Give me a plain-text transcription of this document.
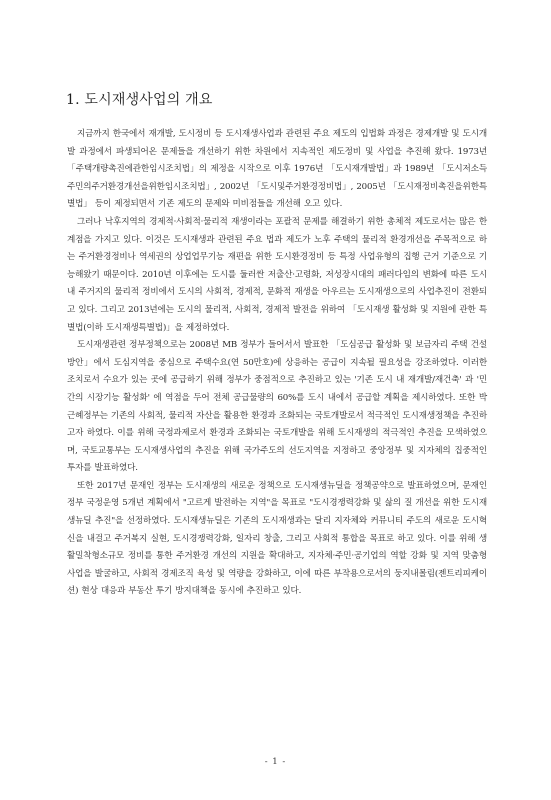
1. 도시재생사업의 개요

지금까지 한국에서 재개발, 도시정비 등 도시재생사업과 관련된 주요 제도의 입법화 과정은 경제개발 및 도시개발 과정에서 파생되어온 문제들을 개선하기 위한 차원에서 지속적인 제도정비 및 사업을 추진해 왔다. 1973년 「주택개량촉진에관한임시조치법」의 제정을 시작으로 이후 1976년 「도시재개발법」과 1989년 「도시저소득주민의주거환경개선을위한임시조치법」, 2002년 「도시및주거환경정비법」, 2005년 「도시재정비촉진을위한특별법」 등이 제정되면서 기존 제도의 문제와 미비점들을 개선해 오고 있다.

그러나 낙후지역의 경제적·사회적·물리적 재생이라는 포괄적 문제를 해결하기 위한 총체적 제도로서는 많은 한계점을 가지고 있다. 이것은 도시재생과 관련된 주요 법과 제도가 노후 주택의 물리적 환경개선을 주목적으로 하는 주거환경정비나 역세권의 상업업무기능 재편을 위한 도시환경정비 등 특정 사업유형의 집행 근거 기준으로 기능해왔기 때문이다. 2010년 이후에는 도시를 둘러싼 저출산·고령화, 저성장시대의 패러다임의 변화에 따른 도시내 주거지의 물리적 정비에서 도시의 사회적, 경제적, 문화적 재생을 아우르는 도시재생으로의 사업추진이 전환되고 있다. 그리고 2013년에는 도시의 물리적, 사회적, 경제적 발전을 위하여 「도시재생 활성화 및 지원에 관한 특별법(이하 도시재생특별법)」을 제정하였다.

도시재생관련 정부정책으로는 2008년 MB 정부가 들어서서 발표한 「도심공급 활성화 및 보금자리 주택 건설방안」에서 도심지역을 중심으로 주택수요(연 50만호)에 상응하는 공급이 지속될 필요성을 강조하였다. 이러한 조치로서 수요가 있는 곳에 공급하기 위해 정부가 중점적으로 추진하고 있는 '기존 도시 내 재개발/재건축' 과 '민간의 시장기능 활성화' 에 역점을 두어 전체 공급물량의 60%를 도시 내에서 공급할 계획을 제시하였다. 또한 박근혜정부는 기존의 사회적, 물리적 자산을 활용한 환경과 조화되는 국토개발로서 적극적인 도시재생정책을 추진하고자 하였다. 이를 위해 국정과제로서 환경과 조화되는 국토개발을 위해 도시재생의 적극적인 추진을 모색하였으며, 국토교통부는 도시재생사업의 추진을 위해 국가주도의 선도지역을 지정하고 중앙정부 및 지자체의 집중적인 투자를 발표하였다.

또한 2017년 문재인 정부는 도시재생의 새로운 정책으로 도시재생뉴딜을 정책공약으로 발표하였으며, 문재인정부 국정운영 5개년 계획에서 "고르게 발전하는 지역"을 목표로 "도시경쟁력강화 및 삶의 질 개선을 위한 도시재생뉴딜 추진"을 선정하였다. 도시재생뉴딜은 기존의 도시재생과는 달리 지자체와 커뮤니티 주도의 새로운 도시혁신을 내걸고 주거복지 실현, 도시경쟁력강화, 일자리 창출, 그리고 사회적 통합을 목표로 하고 있다. 이를 위해 생활밀착형소규모 정비를 통한 주거환경 개선의 지원을 확대하고, 지자체·주민·공기업의 역할 강화 및 지역 맞춤형 사업을 발굴하고, 사회적 경제조직 육성 및 역량을 강화하고, 이에 따른 부작용으로서의 둥지내몰림(젠트리피케이션) 현상 대응과 부동산 투기 방지대책을 동시에 추진하고 있다.

- 1 -
